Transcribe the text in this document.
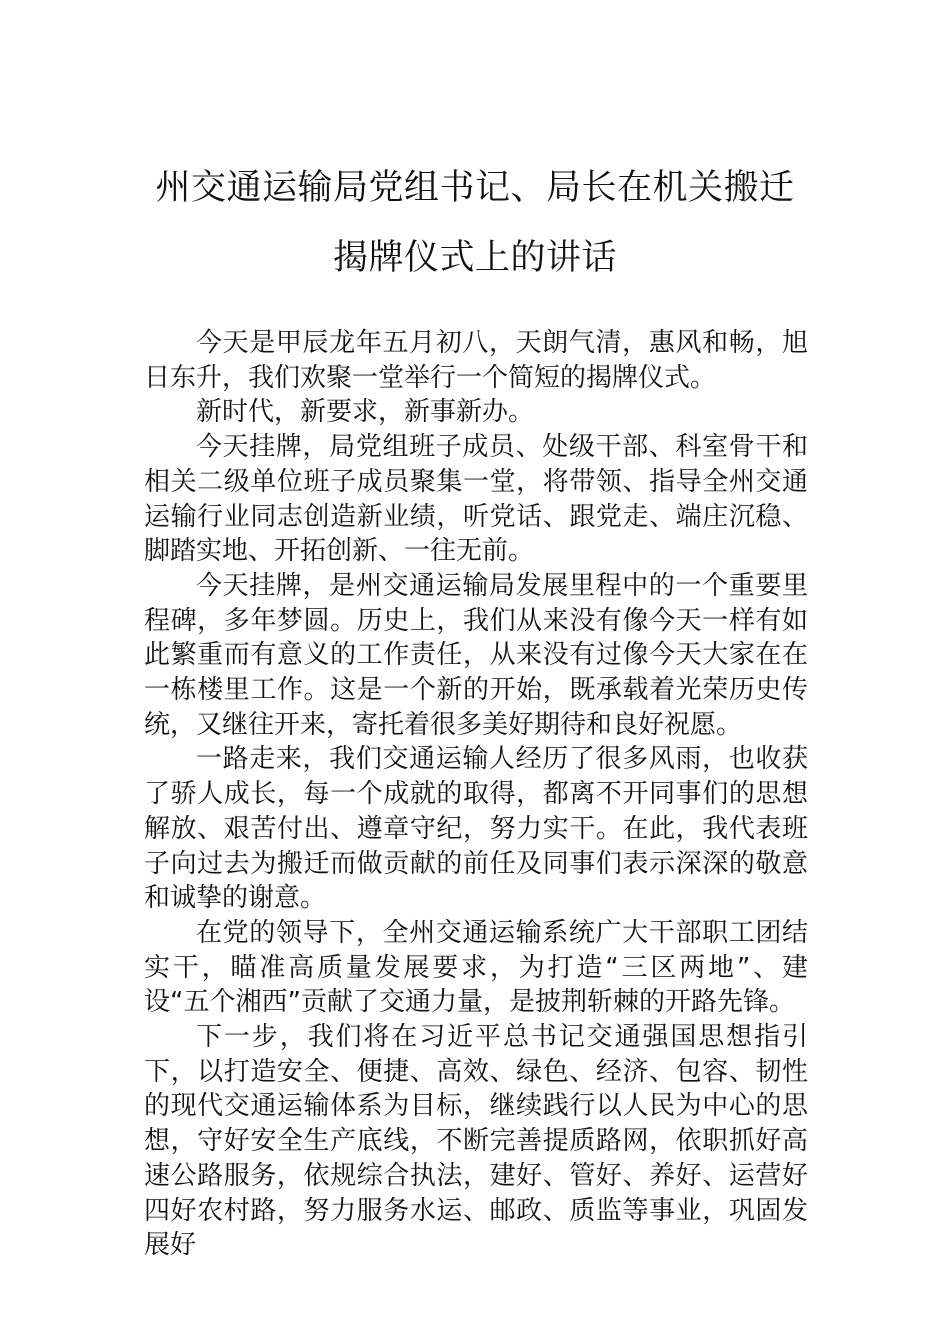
州交通运输局党组书记、局长在机关搬迁
揭牌仪式上的讲话

今天是甲辰龙年五月初八，天朗气清，惠风和畅，旭日东升，我们欢聚一堂举行一个简短的揭牌仪式。

新时代，新要求，新事新办。

今天挂牌，局党组班子成员、处级干部、科室骨干和相关二级单位班子成员聚集一堂，将带领、指导全州交通运输行业同志创造新业绩，听党话、跟党走、端庄沉稳、脚踏实地、开拓创新、一往无前。

今天挂牌，是州交通运输局发展里程中的一个重要里程碑，多年梦圆。历史上，我们从来没有像今天一样有如此繁重而有意义的工作责任，从来没有过像今天大家在在一栋楼里工作。这是一个新的开始，既承载着光荣历史传统，又继往开来，寄托着很多美好期待和良好祝愿。

一路走来，我们交通运输人经历了很多风雨，也收获了骄人成长，每一个成就的取得，都离不开同事们的思想解放、艰苦付出、遵章守纪，努力实干。在此，我代表班子向过去为搬迁而做贡献的前任及同事们表示深深的敬意和诚挚的谢意。

在党的领导下，全州交通运输系统广大干部职工团结实干，瞄准高质量发展要求，为打造“三区两地”、建设“五个湘西”贡献了交通力量，是披荆斩棘的开路先锋。

下一步，我们将在习近平总书记交通强国思想指引下，以打造安全、便捷、高效、绿色、经济、包容、韧性的现代交通运输体系为目标，继续践行以人民为中心的思想，守好安全生产底线，不断完善提质路网，依职抓好高速公路服务，依规综合执法，建好、管好、养好、运营好四好农村路，努力服务水运、邮政、质监等事业，巩固发展好
